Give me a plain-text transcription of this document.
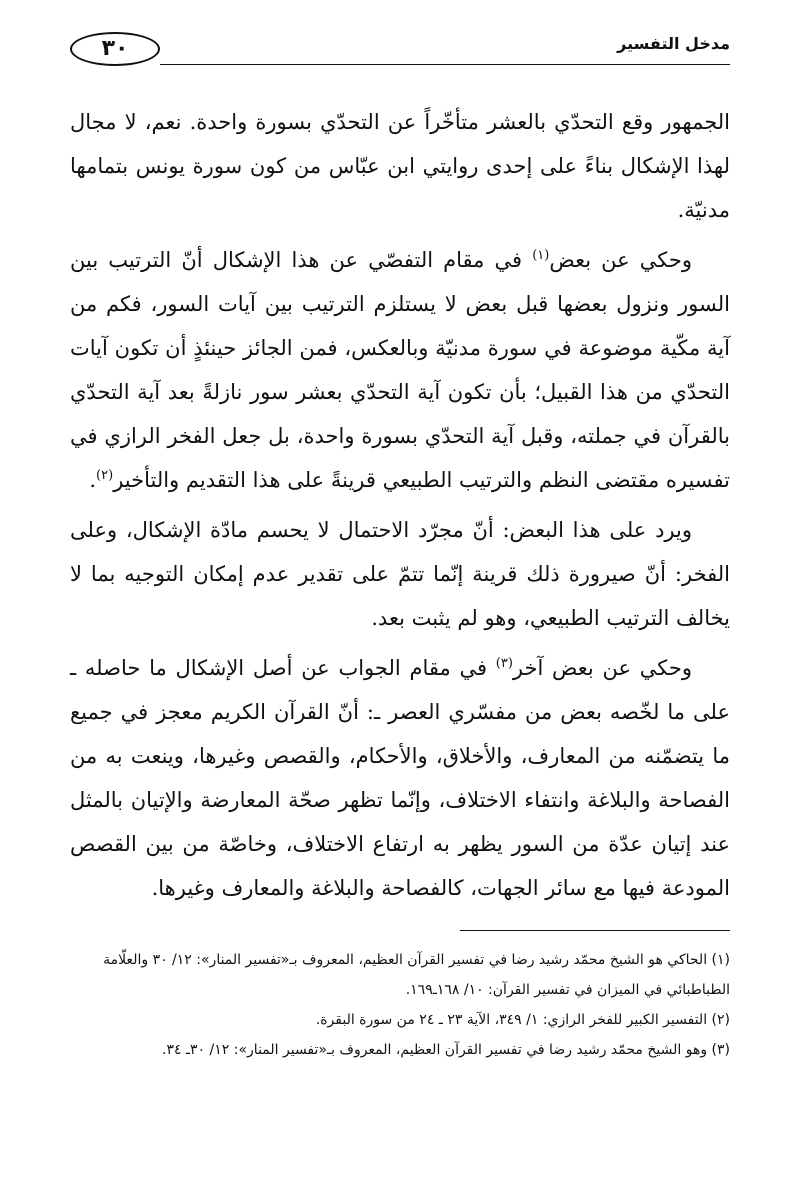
مدخل التفسير
٣٠

الجمهور وقع التحدّي بالعشر متأخّراً عن التحدّي بسورة واحدة. نعم، لا مجال لهذا الإشكال بناءً على إحدى روايتي ابن عبّاس من كون سورة يونس بتمامها مدنيّة.

وحكي عن بعض$^{(١)}$ في مقام التفصّي عن هذا الإشكال أنّ الترتيب بين السور ونزول بعضها قبل بعض لا يستلزم الترتيب بين آيات السور، فكم من آية مكّية موضوعة في سورة مدنيّة وبالعكس، فمن الجائز حينئذٍ أن تكون آيات التحدّي من هذا القبيل؛ بأن تكون آية التحدّي بعشر سور نازلةً بعد آية التحدّي بالقرآن في جملته، وقبل آية التحدّي بسورة واحدة، بل جعل الفخر الرازي في تفسيره مقتضى النظم والترتيب الطبيعي قرينةً على هذا التقديم والتأخير$^{(٢)}$.

ويرد على هذا البعض: أنّ مجرّد الاحتمال لا يحسم مادّة الإشكال، وعلى الفخر: أنّ صيرورة ذلك قرينة إنّما تتمّ على تقدير عدم إمكان التوجيه بما لا يخالف الترتيب الطبيعي، وهو لم يثبت بعد.

وحكي عن بعض آخر$^{(٣)}$ في مقام الجواب عن أصل الإشكال ما حاصله ـ على ما لخّصه بعض من مفسّري العصر ـ: أنّ القرآن الكريم معجز في جميع ما يتضمّنه من المعارف، والأخلاق، والأحكام، والقصص وغيرها، وينعت به من الفصاحة والبلاغة وانتفاء الاختلاف، وإنّما تظهر صحّة المعارضة والإتيان بالمثل عند إتيان عدّة من السور يظهر به ارتفاع الاختلاف، وخاصّة من بين القصص المودعة فيها مع سائر الجهات، كالفصاحة والبلاغة والمعارف وغيرها.

(١) الحاكي هو الشيخ محمّد رشيد رضا في تفسير القرآن العظيم، المعروف بـ«تفسير المنار»: ١٢/ ٣٠ والعلّامة الطباطبائي في الميزان في تفسير القرآن: ١٠/ ١٦٨ـ١٦٩.

(٢) التفسير الكبير للفخر الرازي: ١/ ٣٤٩، الآية ٢٣ ـ ٢٤ من سورة البقرة.

(٣) وهو الشيخ محمّد رشيد رضا في تفسير القرآن العظيم، المعروف بـ«تفسير المنار»: ١٢/ ٣٠ـ ٣٤.
